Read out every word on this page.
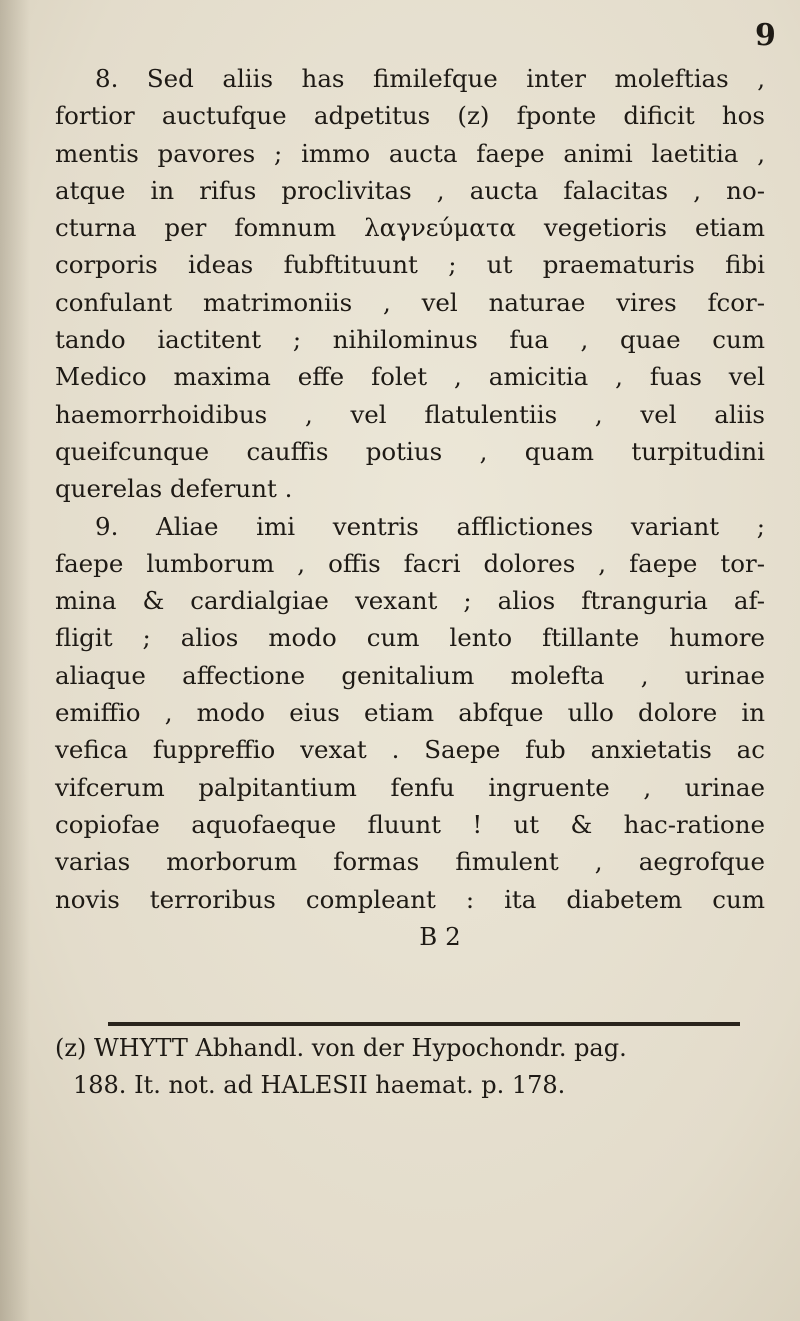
9
8. Sed aliis has fimilefque inter moleftias ,
fortior auctufque adpetitus (z) fponte dificit hos
mentis pavores ; immo aucta faepe animi laetitia ,
atque in rifus proclivitas , aucta falacitas , no-
cturna per fomnum λαγνεύματα vegetioris etiam
corporis ideas fubftituunt ; ut praematuris fibi
confulant matrimoniis , vel naturae vires fcor-
tando iactitent ; nihilominus fua , quae cum
Medico maxima effe folet , amicitia , fuas vel
haemorrhoidibus , vel flatulentiis , vel aliis
queifcunque cauffis potius , quam turpitudini
querelas deferunt .
9. Aliae imi ventris afflictiones variant ;
faepe lumborum , offis facri dolores , faepe tor-
mina & cardialgiae vexant ; alios ftranguria af-
fligit ; alios modo cum lento ftillante humore
aliaque affectione genitalium molefta , urinae
emiffio , modo eius etiam abfque ullo dolore in
vefica fuppreffio vexat . Saepe fub anxietatis ac
vifcerum palpitantium fenfu ingruente , urinae
copiofae aquofaeque fluunt ! ut & hac-ratione
varias morborum formas fimulent , aegrofque
novis terroribus compleant : ita diabetem cum
B 2
(z) WHYTT Abhandl. von der Hypochondr. pag.
188. It. not. ad HALESII haemat. p. 178.
